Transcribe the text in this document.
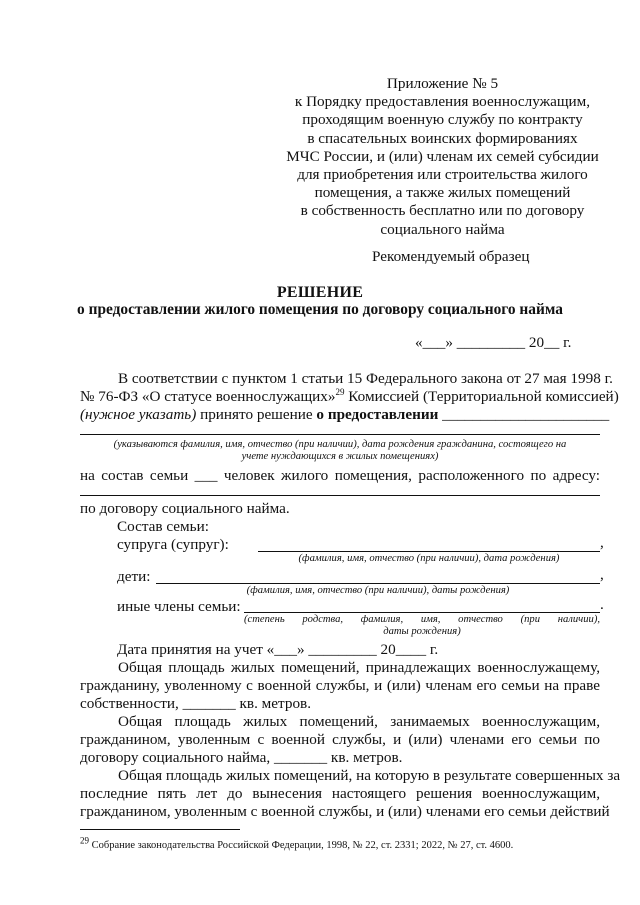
Приложение № 5
к Порядку предоставления военнослужащим,
проходящим военную службу по контракту
в спасательных воинских формированиях
МЧС России, и (или) членам их семей субсидии
для приобретения или строительства жилого
помещения, а также жилых помещений
в собственность бесплатно или по договору
социального найма
Рекомендуемый образец
РЕШЕНИЕ
о предоставлении жилого помещения по договору социального найма
«___» _________ 20__ г.
В соответствии с пунктом 1 статьи 15 Федерального закона от 27 мая 1998 г.
№ 76-ФЗ «О статусе военнослужащих»$^{29}$ Комиссией (Территориальной комиссией)
(нужное указать) принято решение о предоставлении ______________________
(указываются фамилия, имя, отчество (при наличии), дата рождения гражданина, состоящего на
учете нуждающихся в жилых помещениях)
на состав семьи ___ человек жилого помещения, расположенного по адресу:
по договору социального найма.
Состав семьи:
супруга (супруг):	,
(фамилия, имя, отчество (при наличии), дата рождения)
дети:	,
(фамилия, имя, отчество (при наличии), даты рождения)
иные члены семьи:	.
(степень родства, фамилия, имя, отчество (при наличии),
даты рождения)
Дата принятия на учет «___» _________ 20____ г.
Общая площадь жилых помещений, принадлежащих военнослужащему,
гражданину, уволенному с военной службы, и (или) членам его семьи на праве
собственности, _______ кв. метров.
Общая площадь жилых помещений, занимаемых военнослужащим,
гражданином, уволенным с военной службы, и (или) членами его семьи по
договору социального найма, _______ кв. метров.
Общая площадь жилых помещений, на которую в результате совершенных за
последние пять лет до вынесения настоящего решения военнослужащим,
гражданином, уволенным с военной службы, и (или) членами его семьи действий
$^{29}$ Собрание законодательства Российской Федерации, 1998, № 22, ст. 2331; 2022, № 27, ст. 4600.
